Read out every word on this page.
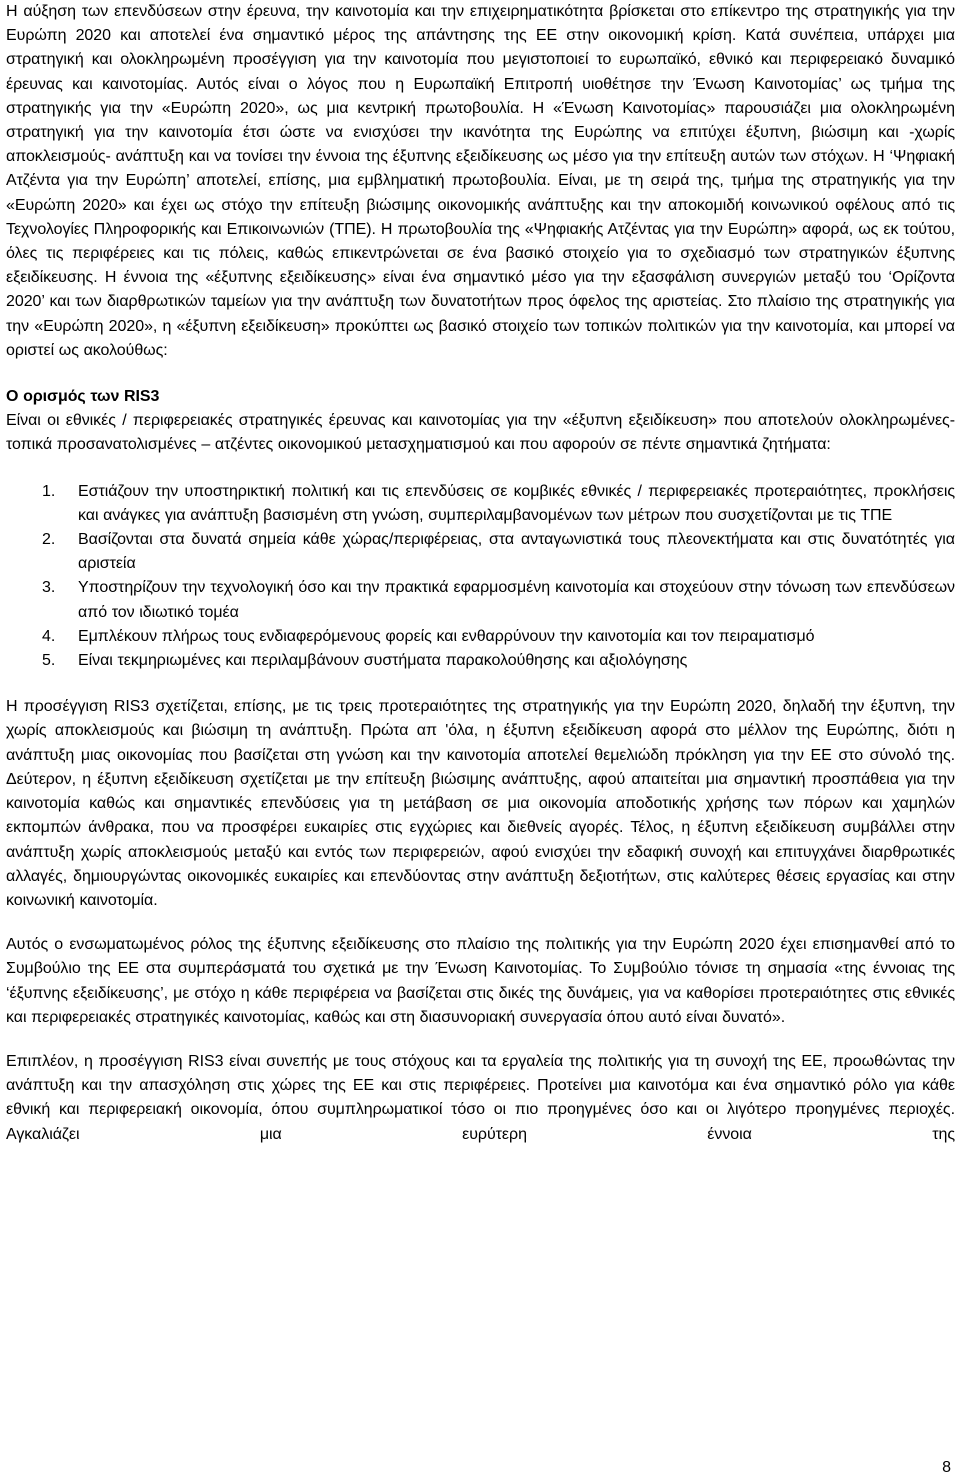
Η αύξηση των επενδύσεων στην έρευνα, την καινοτομία και την επιχειρηματικότητα βρίσκεται στο επίκεντρο της στρατηγικής για την Ευρώπη 2020 και αποτελεί ένα σημαντικό μέρος της απάντησης της ΕΕ στην οικονομική κρίση. Κατά συνέπεια, υπάρχει μια στρατηγική και ολοκληρωμένη προσέγγιση για την καινοτομία που μεγιστοποιεί το ευρωπαϊκό, εθνικό και περιφερειακό δυναμικό έρευνας και καινοτομίας. Αυτός είναι ο λόγος που η Ευρωπαϊκή Επιτροπή υιοθέτησε την Ένωση Καινοτομίας’ ως τμήμα της στρατηγικής για την «Ευρώπη 2020», ως μια κεντρική πρωτοβουλία. Η «Ένωση Καινοτομίας» παρουσιάζει μια ολοκληρωμένη στρατηγική για την καινοτομία έτσι ώστε να ενισχύσει την ικανότητα της Ευρώπης να επιτύχει έξυπνη, βιώσιμη και -χωρίς αποκλεισμούς- ανάπτυξη και να τονίσει την έννοια της έξυπνης εξειδίκευσης ως μέσο για την επίτευξη αυτών των στόχων. Η ‘Ψηφιακή Ατζέντα για την Ευρώπη’ αποτελεί, επίσης, μια εμβληματική πρωτοβουλία. Είναι, με τη σειρά της, τμήμα της στρατηγικής για την «Ευρώπη 2020» και έχει ως στόχο την επίτευξη βιώσιμης οικονομικής ανάπτυξης και την αποκομιδή κοινωνικού οφέλους από τις Τεχνολογίες Πληροφορικής και Επικοινωνιών (ΤΠΕ). Η πρωτοβουλία της «Ψηφιακής Ατζέντας για την Ευρώπη» αφορά, ως εκ τούτου, όλες τις περιφέρειες και τις πόλεις, καθώς επικεντρώνεται σε ένα βασικό στοιχείο για το σχεδιασμό των στρατηγικών έξυπνης εξειδίκευσης. Η έννοια της «έξυπνης εξειδίκευσης» είναι ένα σημαντικό μέσο για την εξασφάλιση συνεργιών μεταξύ του ‘Ορίζοντα 2020’ και των διαρθρωτικών ταμείων για την ανάπτυξη των δυνατοτήτων προς όφελος της αριστείας. Στο πλαίσιο της στρατηγικής για την «Ευρώπη 2020», η «έξυπνη εξειδίκευση» προκύπτει ως βασικό στοιχείο των τοπικών πολιτικών για την καινοτομία, και μπορεί να οριστεί ως ακολούθως:

Ο ορισμός των RIS3

Είναι οι εθνικές / περιφερειακές στρατηγικές έρευνας και καινοτομίας για την «έξυπνη εξειδίκευση» που αποτελούν ολοκληρωμένες- τοπικά προσανατολισμένες – ατζέντες οικονομικού μετασχηματισμού και που αφορούν σε πέντε σημαντικά ζητήματα:

1. Εστιάζουν την υποστηρικτική πολιτική και τις επενδύσεις σε κομβικές εθνικές / περιφερειακές προτεραιότητες, προκλήσεις και ανάγκες για ανάπτυξη βασισμένη στη γνώση, συμπεριλαμβανομένων των μέτρων που συσχετίζονται με τις ΤΠΕ
2. Βασίζονται στα δυνατά σημεία κάθε χώρας/περιφέρειας, στα ανταγωνιστικά τους πλεονεκτήματα και στις δυνατότητές για αριστεία
3. Υποστηρίζουν την τεχνολογική όσο και την πρακτικά εφαρμοσμένη καινοτομία και στοχεύουν στην τόνωση των επενδύσεων από τον ιδιωτικό τομέα
4. Εμπλέκουν πλήρως τους ενδιαφερόμενους φορείς και ενθαρρύνουν την καινοτομία και τον πειραματισμό
5. Είναι τεκμηριωμένες και περιλαμβάνουν συστήματα παρακολούθησης και αξιολόγησης

Η προσέγγιση RIS3 σχετίζεται, επίσης, με τις τρεις προτεραιότητες της στρατηγικής για την Ευρώπη 2020, δηλαδή την έξυπνη, την χωρίς αποκλεισμούς και βιώσιμη τη ανάπτυξη. Πρώτα απ 'όλα, η έξυπνη εξειδίκευση αφορά στο μέλλον της Ευρώπης, διότι η ανάπτυξη μιας οικονομίας που βασίζεται στη γνώση και την καινοτομία αποτελεί θεμελιώδη πρόκληση για την ΕΕ στο σύνολό της. Δεύτερον, η έξυπνη εξειδίκευση σχετίζεται με την επίτευξη βιώσιμης ανάπτυξης, αφού απαιτείται μια σημαντική προσπάθεια για την καινοτομία καθώς και σημαντικές επενδύσεις για τη μετάβαση σε μια οικονομία αποδοτικής χρήσης των πόρων και χαμηλών εκπομπών άνθρακα, που να προσφέρει ευκαιρίες στις εγχώριες και διεθνείς αγορές. Τέλος, η έξυπνη εξειδίκευση συμβάλλει στην ανάπτυξη χωρίς αποκλεισμούς μεταξύ και εντός των περιφερειών, αφού ενισχύει την εδαφική συνοχή και επιτυγχάνει διαρθρωτικές αλλαγές, δημιουργώντας οικονομικές ευκαιρίες και επενδύοντας στην ανάπτυξη δεξιοτήτων, στις καλύτερες θέσεις εργασίας και στην κοινωνική καινοτομία.

Αυτός ο ενσωματωμένος ρόλος της έξυπνης εξειδίκευσης στο πλαίσιο της πολιτικής για την Ευρώπη 2020 έχει επισημανθεί από το Συμβούλιο της ΕΕ στα συμπεράσματά του σχετικά με την Ένωση Καινοτομίας. Το Συμβούλιο τόνισε τη σημασία «της έννοιας της ‘έξυπνης εξειδίκευσης’, με στόχο η κάθε περιφέρεια να βασίζεται στις δικές της δυνάμεις, για να καθορίσει προτεραιότητες στις εθνικές και περιφερειακές στρατηγικές καινοτομίας, καθώς και στη διασυνοριακή συνεργασία όπου αυτό είναι δυνατό».

Επιπλέον, η προσέγγιση RIS3 είναι συνεπής με τους στόχους και τα εργαλεία της πολιτικής για τη συνοχή της ΕΕ, προωθώντας την ανάπτυξη και την απασχόληση στις χώρες της ΕΕ και στις περιφέρειες. Προτείνει μια καινοτόμα και ένα σημαντικό ρόλο για κάθε εθνική και περιφερειακή οικονομία, όπου συμπληρωματικοί τόσο οι πιο προηγμένες όσο και οι λιγότερο προηγμένες περιοχές. Αγκαλιάζει μια ευρύτερη έννοια της

8
